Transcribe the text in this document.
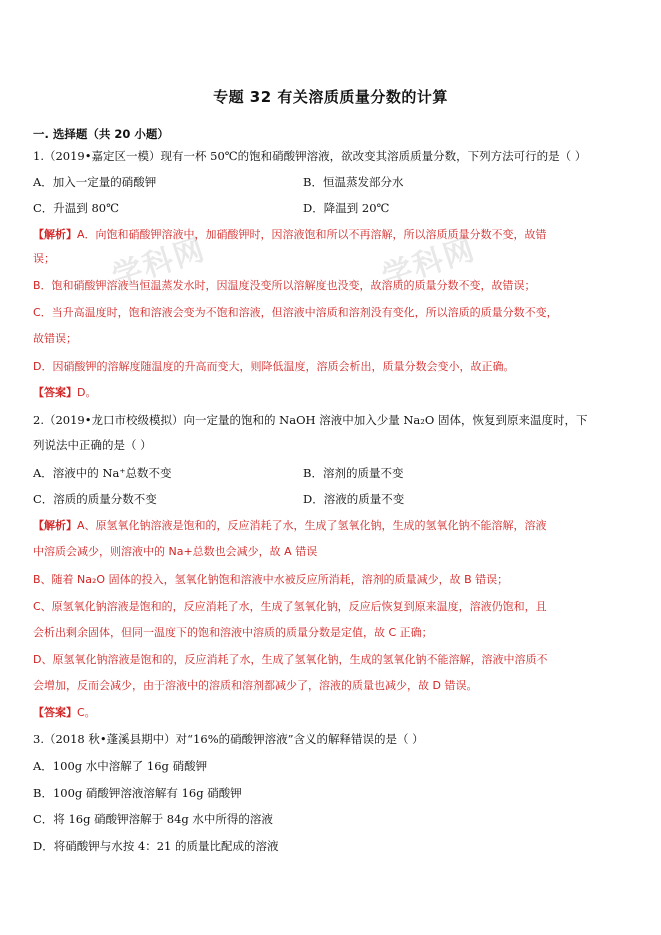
学科网	学科网
专题 32 有关溶质质量分数的计算
一. 选择题（共 20 小题）
1.（2019•嘉定区一模）现有一杯 50℃的饱和硝酸钾溶液，欲改变其溶质质量分数，下列方法可行的是（ ）
A．加入一定量的硝酸钾	B．恒温蒸发部分水
C．升温到 80℃	D．降温到 20℃
【解析】A．向饱和硝酸钾溶液中，加硝酸钾时，因溶液饱和所以不再溶解，所以溶质质量分数不变，故错
误；
B．饱和硝酸钾溶液当恒温蒸发水时，因温度没变所以溶解度也没变，故溶质的质量分数不变，故错误；
C．当升高温度时，饱和溶液会变为不饱和溶液，但溶液中溶质和溶剂没有变化，所以溶质的质量分数不变，
故错误；
D．因硝酸钾的溶解度随温度的升高而变大，则降低温度，溶质会析出，质量分数会变小，故正确。
【答案】D。
2.（2019•龙口市校级模拟）向一定量的饱和的 NaOH 溶液中加入少量 Na₂O 固体，恢复到原来温度时，下
列说法中正确的是（ ）
A．溶液中的 Na⁺总数不变	B．溶剂的质量不变
C．溶质的质量分数不变	D．溶液的质量不变
【解析】A、原氢氧化钠溶液是饱和的，反应消耗了水，生成了氢氧化钠，生成的氢氧化钠不能溶解，溶液
中溶质会减少，则溶液中的 Na+总数也会减少，故 A 错误
B、随着 Na₂O 固体的投入，氢氧化钠饱和溶液中水被反应所消耗，溶剂的质量减少，故 B 错误；
C、原氢氧化钠溶液是饱和的，反应消耗了水，生成了氢氧化钠，反应后恢复到原来温度，溶液仍饱和，且
会析出剩余固体，但同一温度下的饱和溶液中溶质的质量分数是定值，故 C 正确；
D、原氢氧化钠溶液是饱和的，反应消耗了水，生成了氢氧化钠，生成的氢氧化钠不能溶解，溶液中溶质不
会增加，反而会减少，由于溶液中的溶质和溶剂都减少了，溶液的质量也减少，故 D 错误。
【答案】C。
3.（2018 秋•蓬溪县期中）对“16%的硝酸钾溶液”含义的解释错误的是（ ）
A．100g 水中溶解了 16g 硝酸钾
B．100g 硝酸钾溶液溶解有 16g 硝酸钾
C．将 16g 硝酸钾溶解于 84g 水中所得的溶液
D．将硝酸钾与水按 4：21 的质量比配成的溶液
